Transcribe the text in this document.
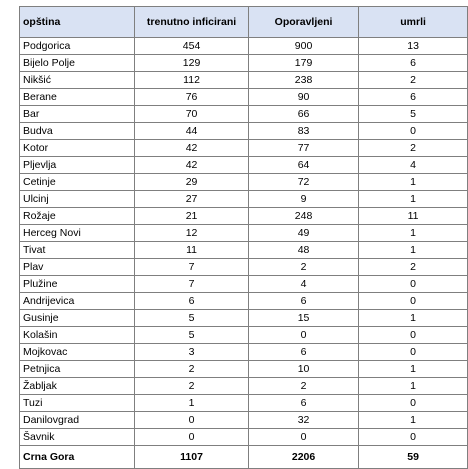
opština	trenutno inficirani	Oporavljeni	umrli
Podgorica	454	900	13
Bijelo Polje	129	179	6
Nikšić	112	238	2
Berane	76	90	6
Bar	70	66	5
Budva	44	83	0
Kotor	42	77	2
Pljevlja	42	64	4
Cetinje	29	72	1
Ulcinj	27	9	1
Rožaje	21	248	11
Herceg Novi	12	49	1
Tivat	11	48	1
Plav	7	2	2
Plužine	7	4	0
Andrijevica	6	6	0
Gusinje	5	15	1
Kolašin	5	0	0
Mojkovac	3	6	0
Petnjica	2	10	1
Žabljak	2	2	1
Tuzi	1	6	0
Danilovgrad	0	32	1
Šavnik	0	0	0
Crna Gora	1107	2206	59
